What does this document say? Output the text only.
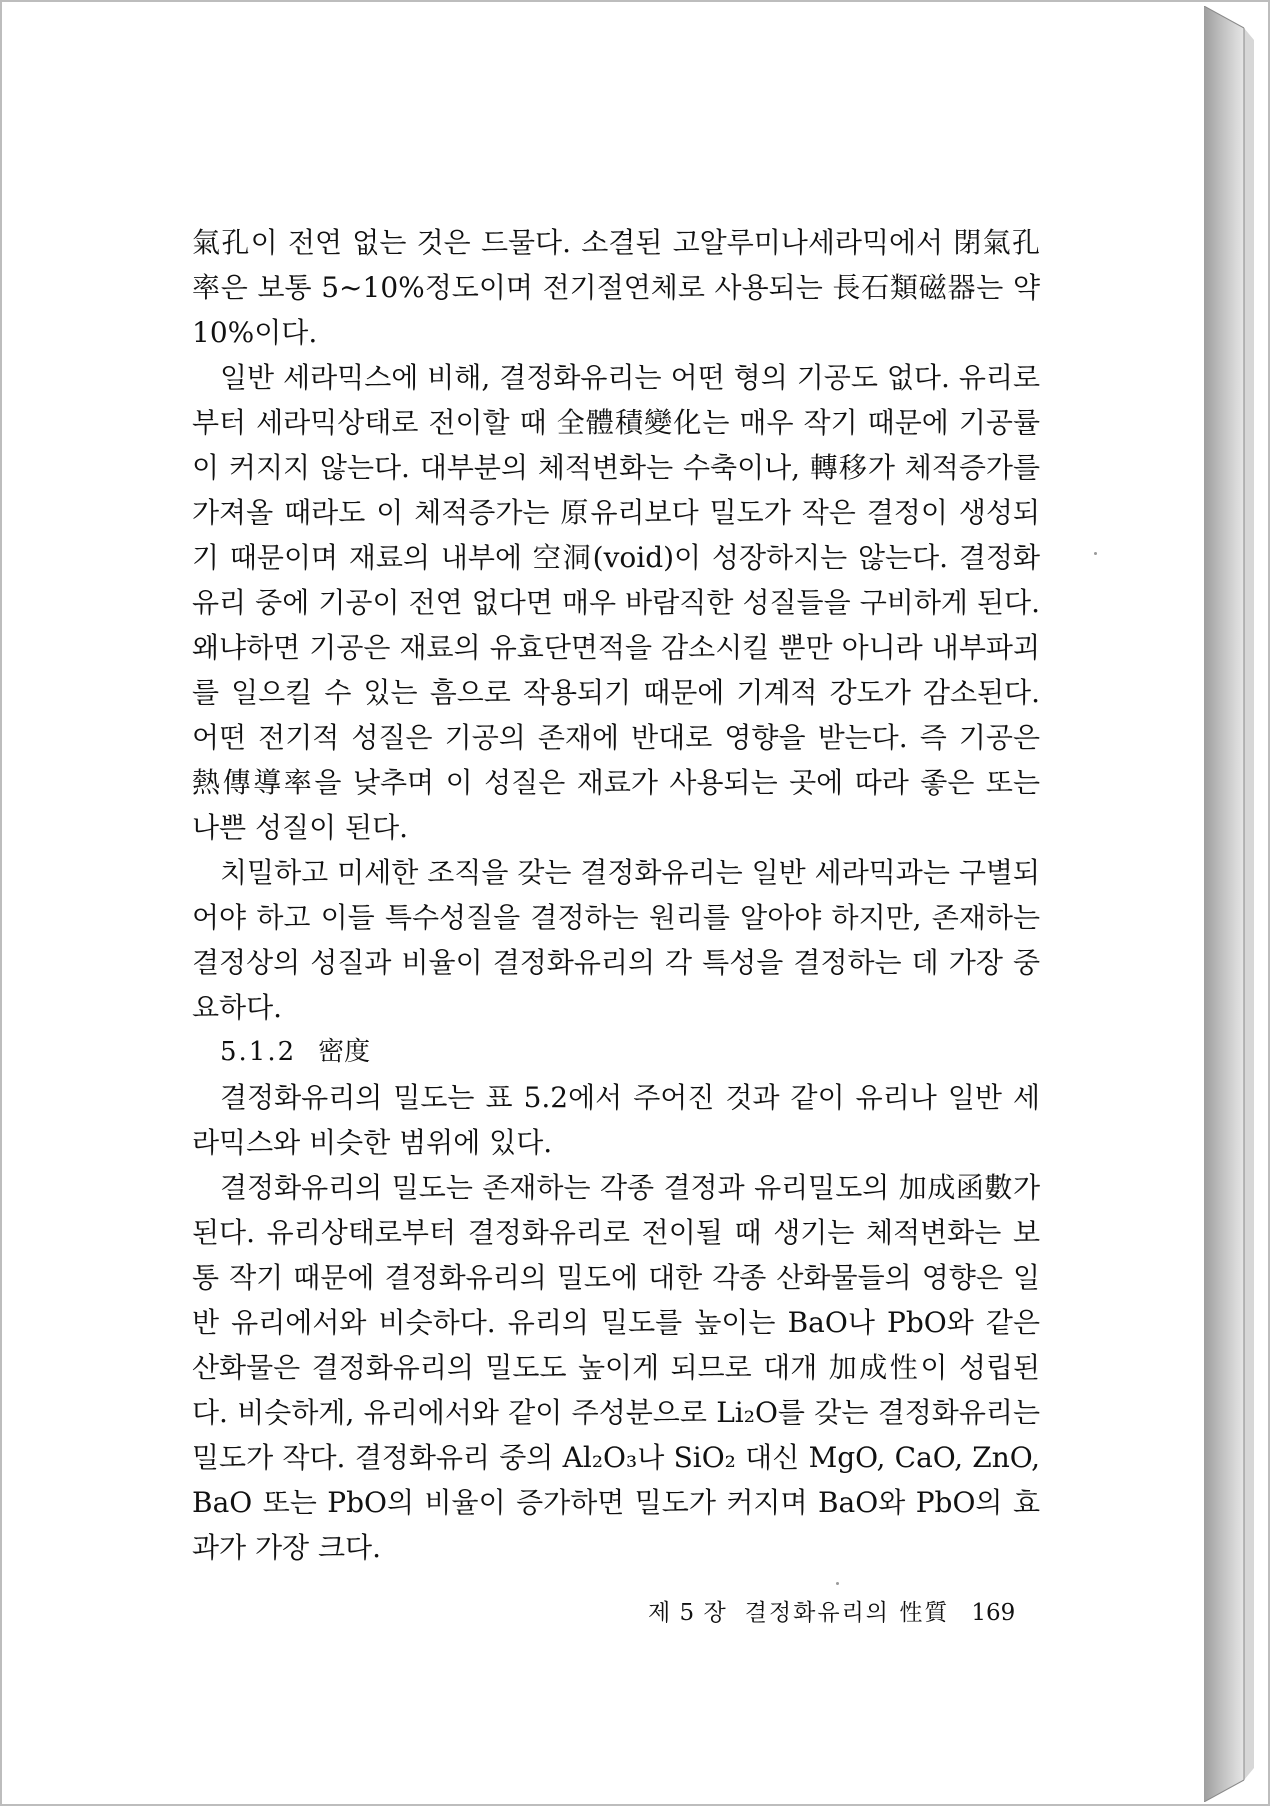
氣孔이 전연 없는 것은 드물다. 소결된 고알루미나세라믹에서 閉氣孔率은 보통 5~10%정도이며 전기절연체로 사용되는 長石類磁器는 약 10%이다.

일반 세라믹스에 비해, 결정화유리는 어떤 형의 기공도 없다. 유리로부터 세라믹상태로 전이할 때 全體積變化는 매우 작기 때문에 기공률이 커지지 않는다. 대부분의 체적변화는 수축이나, 轉移가 체적증가를 가져올 때라도 이 체적증가는 原유리보다 밀도가 작은 결정이 생성되기 때문이며 재료의 내부에 空洞(void)이 성장하지는 않는다. 결정화유리 중에 기공이 전연 없다면 매우 바람직한 성질들을 구비하게 된다. 왜냐하면 기공은 재료의 유효단면적을 감소시킬 뿐만 아니라 내부파괴를 일으킬 수 있는 흠으로 작용되기 때문에 기계적 강도가 감소된다. 어떤 전기적 성질은 기공의 존재에 반대로 영향을 받는다. 즉 기공은 熱傳導率을 낮추며 이 성질은 재료가 사용되는 곳에 따라 좋은 또는 나쁜 성질이 된다.

치밀하고 미세한 조직을 갖는 결정화유리는 일반 세라믹과는 구별되어야 하고 이들 특수성질을 결정하는 원리를 알아야 하지만, 존재하는 결정상의 성질과 비율이 결정화유리의 각 특성을 결정하는 데 가장 중요하다.

5.1.2 密度

결정화유리의 밀도는 표 5.2에서 주어진 것과 같이 유리나 일반 세라믹스와 비슷한 범위에 있다.

결정화유리의 밀도는 존재하는 각종 결정과 유리밀도의 加成函數가 된다. 유리상태로부터 결정화유리로 전이될 때 생기는 체적변화는 보통 작기 때문에 결정화유리의 밀도에 대한 각종 산화물들의 영향은 일반 유리에서와 비슷하다. 유리의 밀도를 높이는 BaO나 PbO와 같은 산화물은 결정화유리의 밀도도 높이게 되므로 대개 加成性이 성립된다. 비슷하게, 유리에서와 같이 주성분으로 Li₂O를 갖는 결정화유리는 밀도가 작다. 결정화유리 중의 Al₂O₃나 SiO₂ 대신 MgO, CaO, ZnO, BaO 또는 PbO의 비율이 증가하면 밀도가 커지며 BaO와 PbO의 효과가 가장 크다.

제 5 장 결정화유리의 性質 169
